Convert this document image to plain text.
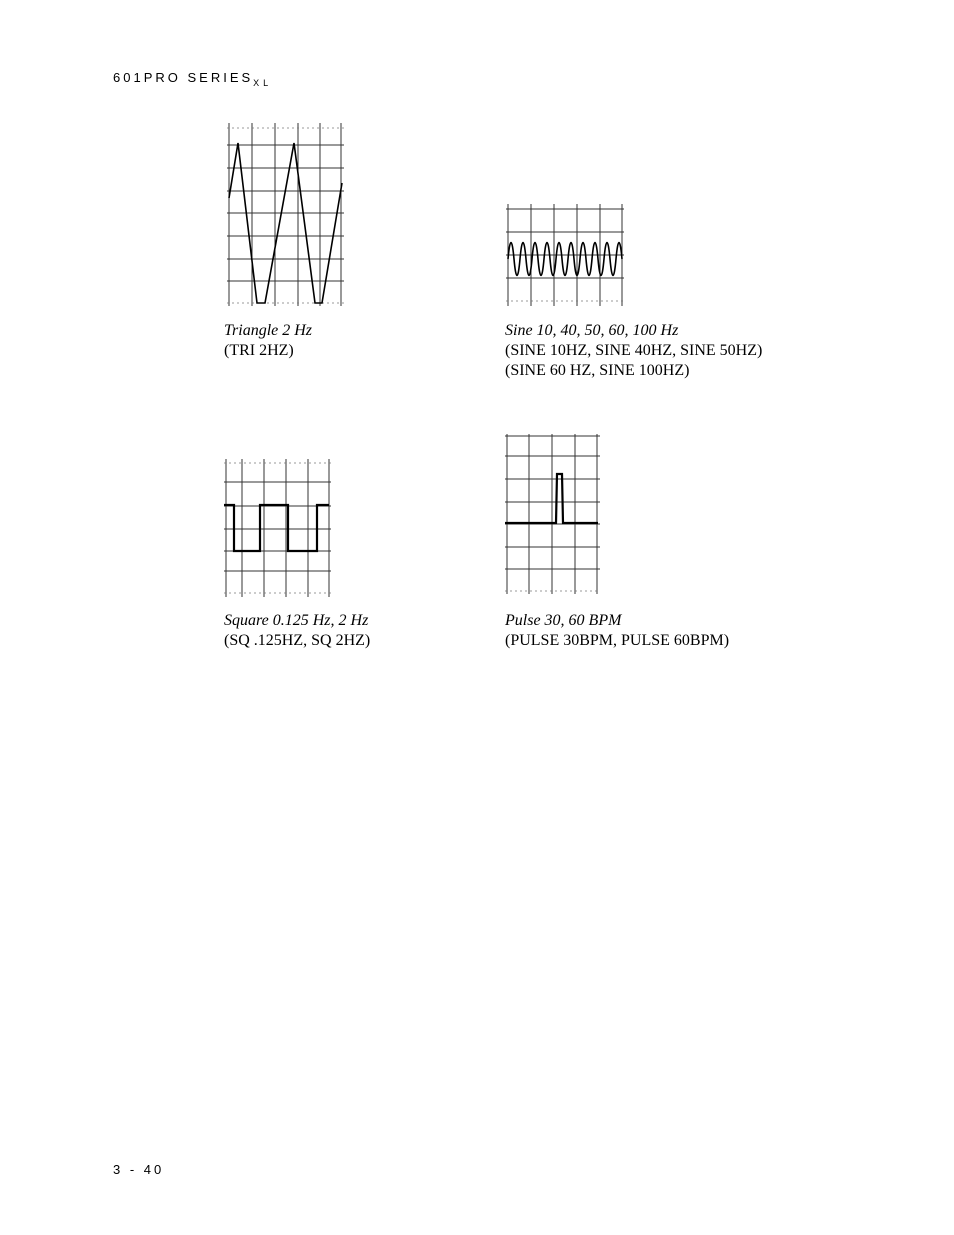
601PRO $SERIES_{XL}$
Triangle 2 Hz
(TRI 2HZ)
Sine 10, 40, 50, 60, 100 Hz
(SINE 10HZ, SINE 40HZ, SINE 50HZ)
(SINE 60 HZ, SINE 100HZ)
Square 0.125 Hz, 2 Hz
(SQ .125HZ, SQ 2HZ)
Pulse 30, 60 BPM
(PULSE 30BPM, PULSE 60BPM)
3 - 40
